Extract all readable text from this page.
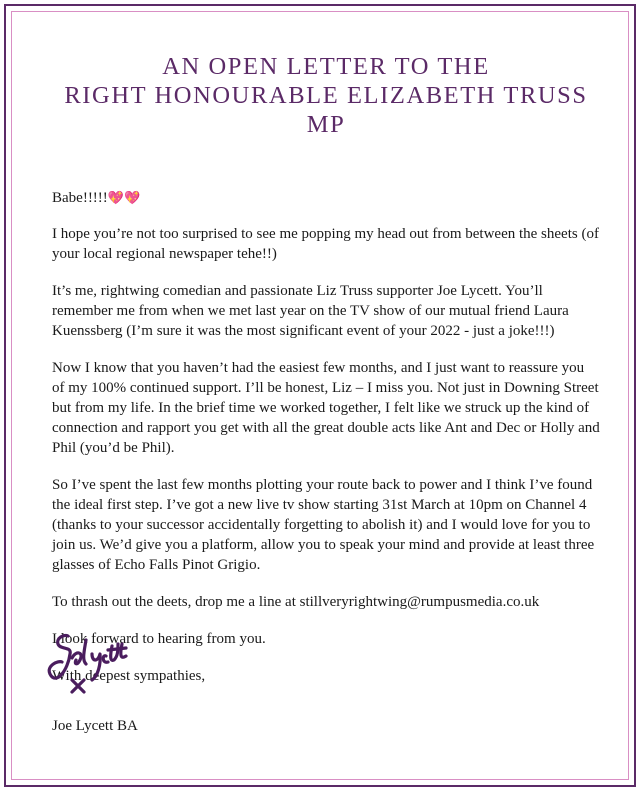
AN OPEN LETTER TO THE
RIGHT HONOURABLE ELIZABETH TRUSS MP

Babe!!!!!💖💖

I hope you’re not too surprised to see me popping my head out from between the sheets (of your local regional newspaper tehe!!)

It’s me, rightwing comedian and passionate Liz Truss supporter Joe Lycett. You’ll remember me from when we met last year on the TV show of our mutual friend Laura Kuenssberg (I’m sure it was the most significant event of your 2022 - just a joke!!!)

Now I know that you haven’t had the easiest few months, and I just want to reassure you of my 100% continued support. I’ll be honest, Liz – I miss you. Not just in Downing Street but from my life. In the brief time we worked together, I felt like we struck up the kind of connection and rapport you get with all the great double acts like Ant and Dec or Holly and Phil (you’d be Phil).

So I’ve spent the last few months plotting your route back to power and I think I’ve found the ideal first step. I’ve got a new live tv show starting 31st March at 10pm on Channel 4 (thanks to your successor accidentally forgetting to abolish it) and I would love for you to join us. We’d give you a platform, allow you to speak your mind and provide at least three glasses of Echo Falls Pinot Grigio.

To thrash out the deets, drop me a line at stillveryrightwing@rumpusmedia.co.uk

I look forward to hearing from you.

With deepest sympathies,

Joe Lycett BA
